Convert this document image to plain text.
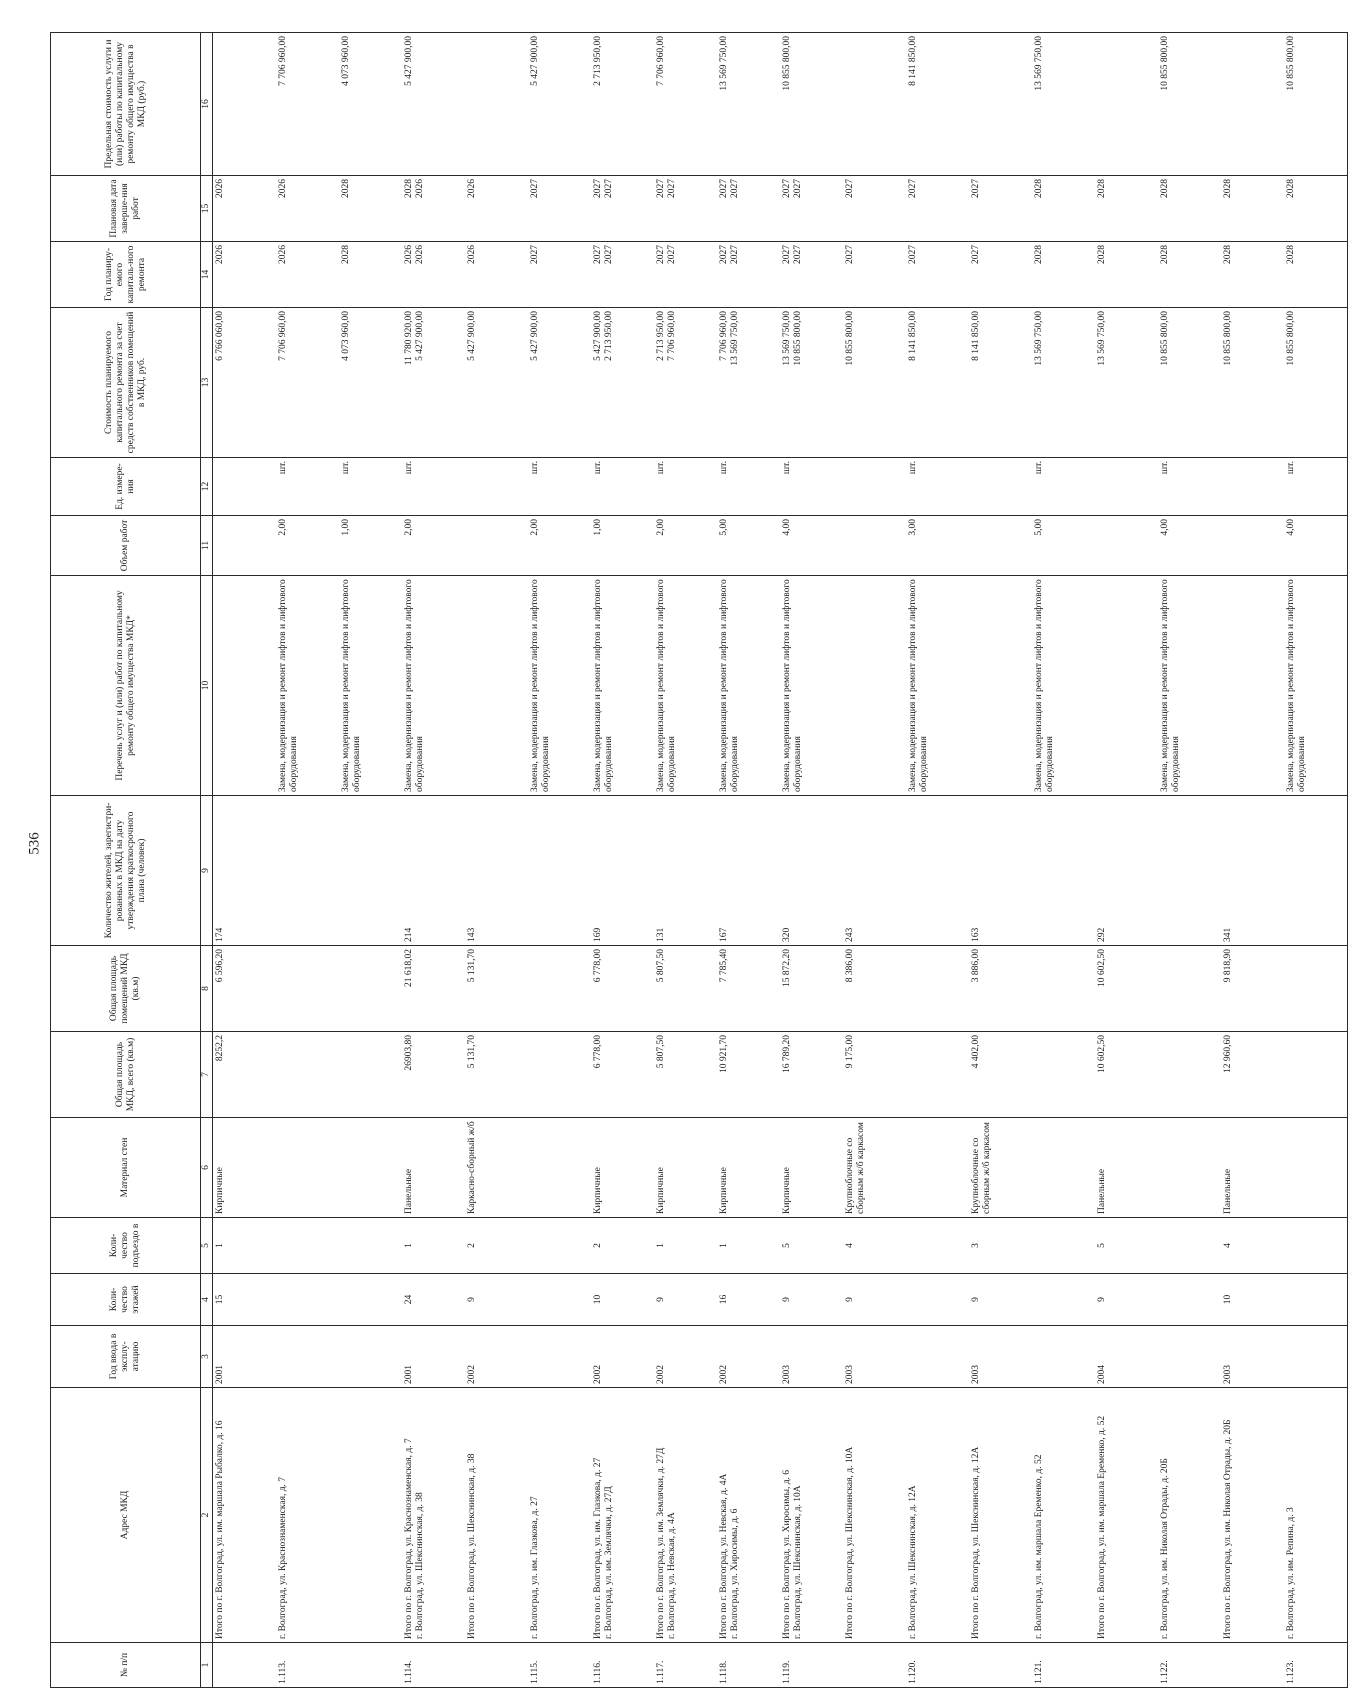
536
№ п/п	Адрес МКД	Год ввода в эксплу-атацию	Коли-чество этажей	Коли-чество подъездо в	Материал стен	Общая площадь МКД, всего (кв.м)	Общая площадь помещений МКД (кв.м)	Количество жителей, зарегистри-рованных в МКД на дату утверждения краткосрочного плана (человек)	Перечень услуг и (или) работ по капитальному ремонту общего имущества МКД*	Объем работ	Ед. измере-ния	Стоимость планируемого капитального ремонта за счет средств собственников помещений в МКД, руб.	Год планиру-емого капиталь-ного ремонта	Плановая дата заверше-ния работ	Предельная стоимость услуги и (или) работы по капитальному ремонту общего имущества в МКД (руб.)
1	2	3	4	5	6	7	8	9	10	11	12	13	14	15	16

	Итого по г. Волгоград, ул. им. маршала Рыбалко, д. 16	2001	15	1	Кирпичные	8252,2	6 596,20	174				6 766 060,00	2026	2026	

1.113.	г. Волгоград, ул. Краснознаменская, д. 7								Замена, модернизация и ремонт лифтов и лифтового оборудования	2,00	шт.	7 706 960,00	2026	2026	7 706 960,00

									Замена, модернизация и ремонт лифтов и лифтового оборудования	1,00	шт.	4 073 960,00	2028	2028	4 073 960,00

1.114.	Итого по г. Волгоград, ул. Краснознаменская, д. 7 г. Волгоград, ул. Шекснинская, д. 38	2001	24	1	Панельные	26903,80	21 618,02	214	Замена, модернизация и ремонт лифтов и лифтового оборудования	2,00	шт.	11 780 920,00 5 427 900,00	2026 2026	2028 2026	5 427 900,00

	Итого по г. Волгоград, ул. Шекснинская, д. 38	2002	9	2	Каркасно-сборный ж/б	5 131,70	5 131,70	143				5 427 900,00	2026	2026	

1.115.	г. Волгоград, ул. им. Глазкова, д. 27								Замена, модернизация и ремонт лифтов и лифтового оборудования	2,00	шт.	5 427 900,00	2027	2027	5 427 900,00

1.116.	Итого по г. Волгоград, ул. им. Глазкова, д. 27 г. Волгоград, ул. им. Землячки, д. 27Д	2002	10	2	Кирпичные	6 778,00	6 778,00	169	Замена, модернизация и ремонт лифтов и лифтового оборудования	1,00	шт.	5 427 900,00 2 713 950,00	2027 2027	2027 2027	2 713 950,00

1.117.	Итого по г. Волгоград, ул. им. Землячки, д. 27Д г. Волгоград, ул. Невская, д. 4А	2002	9	1	Кирпичные	5 807,50	5 807,50	131	Замена, модернизация и ремонт лифтов и лифтового оборудования	2,00	шт.	2 713 950,00 7 706 960,00	2027 2027	2027 2027	7 706 960,00

1.118.	Итого по г. Волгоград, ул. Невская, д. 4А г. Волгоград, ул. Хиросимы, д. 6	2002	16	1	Кирпичные	10 921,70	7 785,40	167	Замена, модернизация и ремонт лифтов и лифтового оборудования	5,00	шт.	7 706 960,00 13 569 750,00	2027 2027	2027 2027	13 569 750,00

1.119.	Итого по г. Волгоград, ул. Хиросимы, д. 6 г. Волгоград, ул. Шекснинская, д. 10А	2003	9	5	Кирпичные	16 789,20	15 872,20	320	Замена, модернизация и ремонт лифтов и лифтового оборудования	4,00	шт.	13 569 750,00 10 855 800,00	2027 2027	2027 2027	10 855 800,00

	Итого по г. Волгоград, ул. Шекснинская, д. 10А	2003	9	4	Крупноблочные со сборным ж/б каркасом	9 175,00	8 386,00	243				10 855 800,00	2027	2027	

1.120.	г. Волгоград, ул. Шекснинская, д. 12А								Замена, модернизация и ремонт лифтов и лифтового оборудования	3,00	шт.	8 141 850,00	2027	2027	8 141 850,00

	Итого по г. Волгоград, ул. Шекснинская, д. 12А	2003	9	3	Крупноблочные со сборным ж/б каркасом	4 402,00	3 886,00	163				8 141 850,00	2027	2027	

1.121.	г. Волгоград, ул. им. маршала Еременко, д. 52								Замена, модернизация и ремонт лифтов и лифтового оборудования	5,00	шт.	13 569 750,00	2028	2028	13 569 750,00

	Итого по г. Волгоград, ул. им. маршала Еременко, д. 52	2004	9	5	Панельные	10 602,50	10 602,50	292				13 569 750,00	2028	2028	

1.122.	г. Волгоград, ул. им. Николая Отрады, д. 20Б								Замена, модернизация и ремонт лифтов и лифтового оборудования	4,00	шт.	10 855 800,00	2028	2028	10 855 800,00

	Итого по г. Волгоград, ул. им. Николая Отрады, д. 20Б	2003	10	4	Панельные	12 960,60	9 818,90	341				10 855 800,00	2028	2028	

1.123.	г. Волгоград, ул. им. Репина, д. 3								Замена, модернизация и ремонт лифтов и лифтового оборудования	4,00	шт.	10 855 800,00	2028	2028	10 855 800,00
